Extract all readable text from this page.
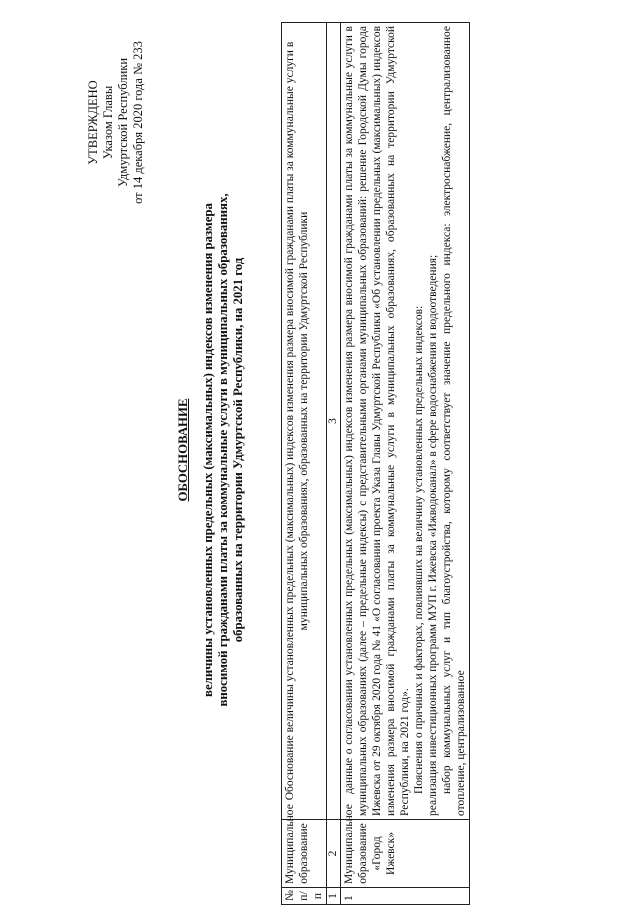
УТВЕРЖДЕНО Указом Главы Удмуртской Республики от 14 декабря 2020 года № 233
ОБОСНОВАНИЕ величины установленных предельных (максимальных) индексов изменения размера вносимой гражданами платы за коммунальные услуги в муниципальных образованиях, образованных на территории Удмуртской Республики, на 2021 год
№ п/п	Муниципальное образование	Обоснование величины установленных предельных (максимальных) индексов изменения размера вносимой гражданами платы за коммунальные услуги в муниципальных образованиях, образованных на территории Удмуртской Республики
1	2	3
1	Муниципальное образование «Город Ижевск»	данные о согласовании установленных предельных (максимальных) индексов изменения размера вносимой гражданами платы за коммунальные услуги в муниципальных образованиях (далее – предельные индексы) с представительными органами муниципальных образований: решение Городской Думы города Ижевска от 29 октября 2020 года № 41 «О согласовании проекта Указа Главы Удмуртской Республики «Об установлении предельных (максимальных) индексов изменения размера вносимой гражданами платы за коммунальные услуги в муниципальных образованиях, образованных на территории Удмуртской Республики, на 2021 год». Пояснения о причинах и факторах, повлиявших на величину установленных предельных индексов: реализация инвестиционных программ МУП г. Ижевска «Ижводоканал» в сфере водоснабжения и водоотведения; набор коммунальных услуг и тип благоустройства, которому соответствует значение предельного индекса: электроснабжение, централизованное отопление, централизованное
